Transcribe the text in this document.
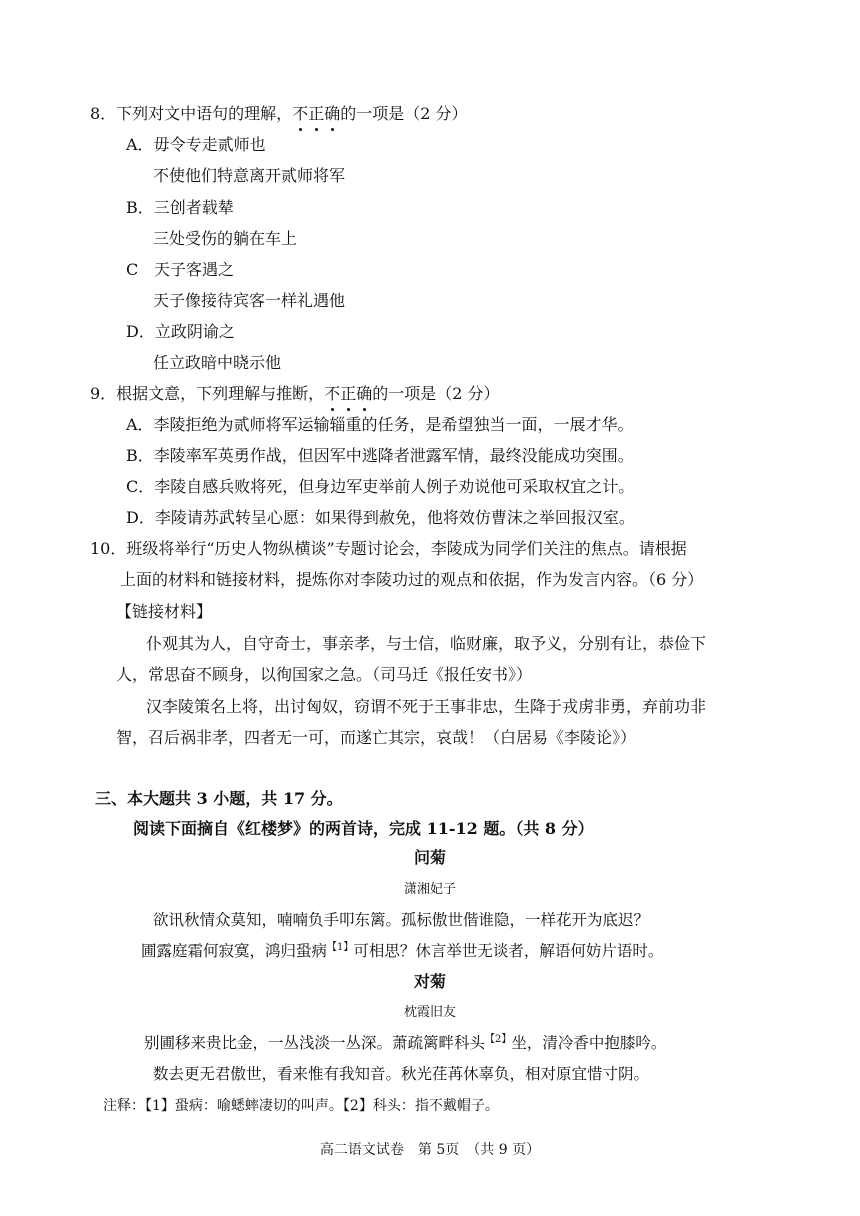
8．下列对文中语句的理解，不
正
确
的一项是（2 分）
A．毋令专走贰师也
不使他们特意离开贰师将军
B．三创者载辇
三处受伤的躺在车上
C 天子客遇之
天子像接待宾客一样礼遇他
D．立政阴谕之
任立政暗中晓示他
9．根据文意，下列理解与推断，不
正
确
的一项是（2 分）
A．李陵拒绝为贰师将军运输辎重的任务，是希望独当一面，一展才华。
B．李陵率军英勇作战，但因军中逃降者泄露军情，最终没能成功突围。
C．李陵自感兵败将死，但身边军吏举前人例子劝说他可采取权宜之计。
D．李陵请苏武转呈心愿：如果得到赦免，他将效仿曹沫之举回报汉室。
10．班级将举行“历史人物纵横谈”专题讨论会，李陵成为同学们关注的焦点。请根据
上面的材料和链接材料，提炼你对李陵功过的观点和依据，作为发言内容。（6 分）
【链接材料】
仆观其为人，自守奇士，事亲孝，与士信，临财廉，取予义，分别有让，恭俭下
人，常思奋不顾身，以徇国家之急。（司马迁《报任安书》）
汉李陵策名上将，出讨匈奴，窃谓不死于王事非忠，生降于戎虏非勇，弃前功非
智，召后祸非孝，四者无一可，而遂亡其宗，哀哉！（白居易《李陵论》）
三、本大题共 3 小题，共 17 分。
阅读下面摘自《红楼梦》的两首诗，完成 11-12 题。（共 8 分）
问菊
潇湘妃子
欲讯秋情众莫知，喃喃负手叩东篱。孤标傲世偕谁隐，一样花开为底迟？
圃露庭霜何寂寞，鸿归蛩病$^{【1】}$可相思？休言举世无谈者，解语何妨片语时。
对菊
枕霞旧友
别圃移来贵比金，一丛浅淡一丛深。萧疏篱畔科头$^{【2】}$坐，清冷香中抱膝吟。
数去更无君傲世，看来惟有我知音。秋光荏苒休辜负，相对原宜惜寸阴。
注释：【1】蛩病：喻蟋蟀凄切的叫声。【2】科头：指不戴帽子。
高二语文试卷　第 5页　（共 9 页）
